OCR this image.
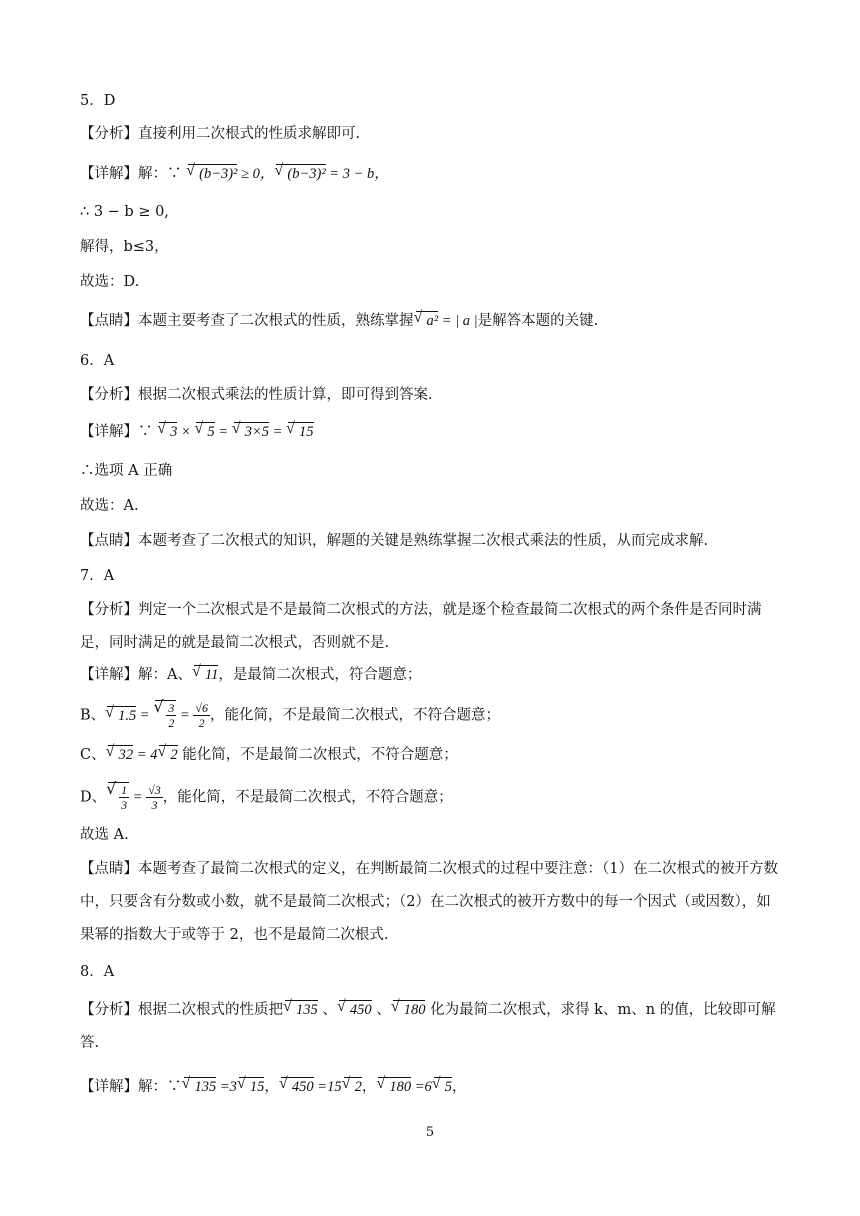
5．D
【分析】直接利用二次根式的性质求解即可.
【详解】解：∵ √ (b−3)² ≥ 0， √ (b−3)² = 3 − b，
∴ 3 − b ≥ 0,
解得，b≤3，
故选：D.
【点睛】本题主要考查了二次根式的性质，熟练掌握 √ a² = | a |是解答本题的关键.
6．A
【分析】根据二次根式乘法的性质计算，即可得到答案.
【详解】∵ √ 3 × √ 5 = √ 3×5 = √ 15
∴选项 A 正确
故选：A.
【点睛】本题考查了二次根式的知识，解题的关键是熟练掌握二次根式乘法的性质，从而完成求解.
7．A
【分析】判定一个二次根式是不是最简二次根式的方法，就是逐个检查最简二次根式的两个条件是否同时满足，同时满足的就是最简二次根式，否则就不是.
【详解】解：A、 √ 11，是最简二次根式，符合题意；
B、 √ 1.5 = √ $\frac{3}{2} = \frac{√6}{2}$ ，能化简，不是最简二次根式，不符合题意；
C、 √ 32 = 4 √ 2 能化简，不是最简二次根式，不符合题意；
D、 √ $\frac{1}{3} = \frac{√3}{3}$ ，能化简，不是最简二次根式，不符合题意；
故选 A.
【点睛】本题考查了最简二次根式的定义，在判断最简二次根式的过程中要注意：（1）在二次根式的被开方数中，只要含有分数或小数，就不是最简二次根式；（2）在二次根式的被开方数中的每一个因式（或因数），如果幂的指数大于或等于 2，也不是最简二次根式.
8．A
【分析】根据二次根式的性质把 √ 135 、 √ 450 、 √ 180 化为最简二次根式，求得 k、m、n 的值，比较即可解答.
【详解】解：∵ √ 135 =3 √ 15， √ 450 =15 √ 2， √ 180 =6 √ 5，
5
